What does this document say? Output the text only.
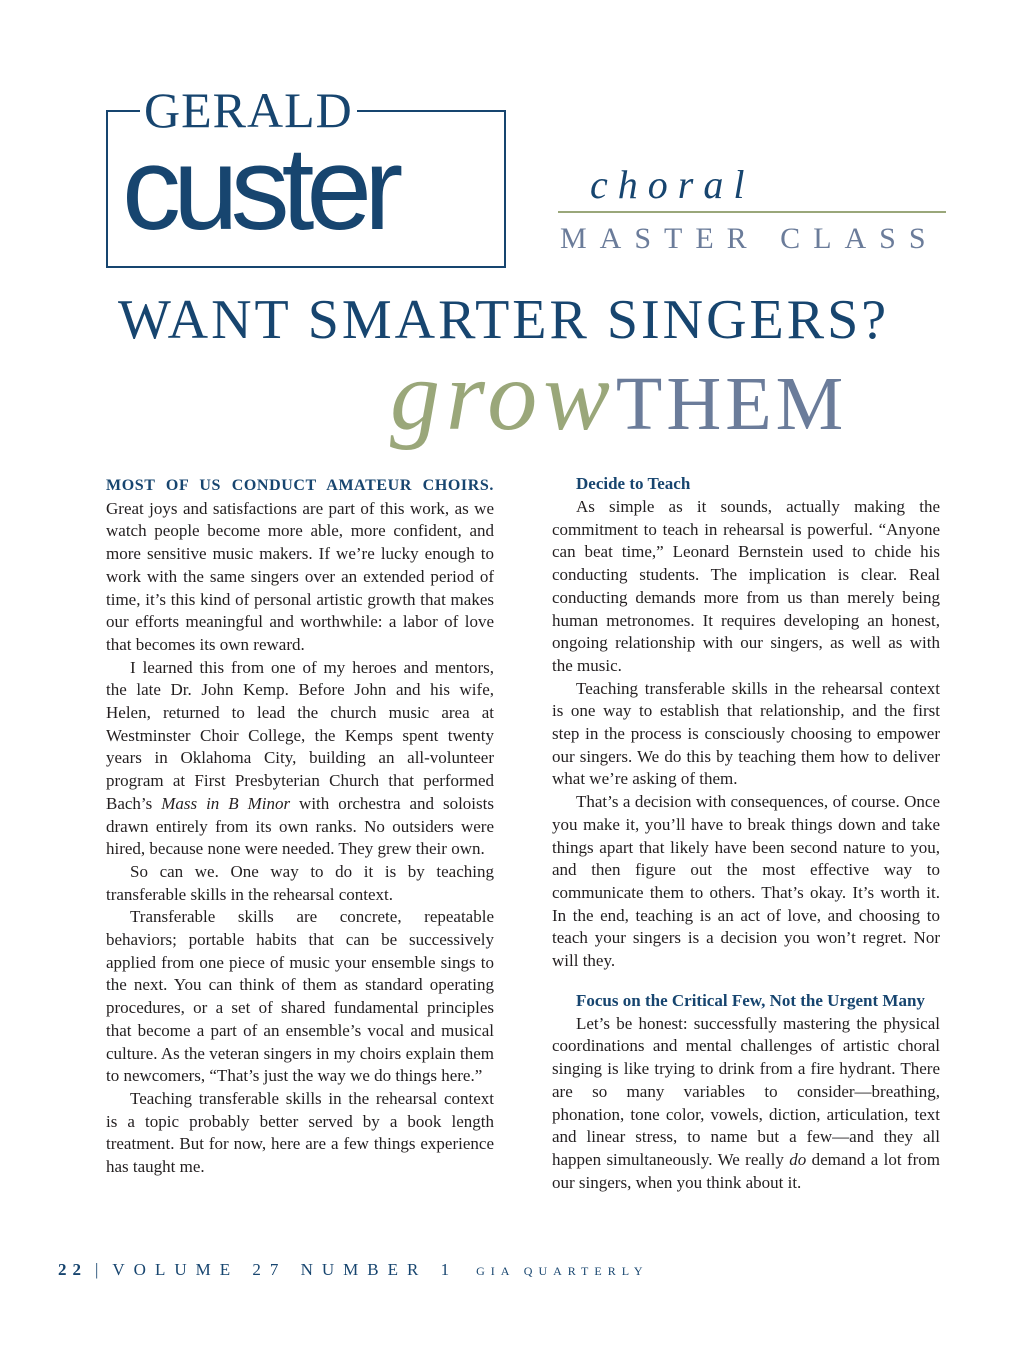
GERALD
custer	choral
MASTER CLASS
WANT SMARTER SINGERS?
growTHEM

MOST OF US CONDUCT AMATEUR CHOIRS. Great joys and satisfactions are part of this work, as we watch people become more able, more confident, and more sensitive music makers. If we’re lucky enough to work with the same singers over an extended period of time, it’s this kind of personal artistic growth that makes our efforts meaningful and worthwhile: a labor of love that becomes its own reward.

I learned this from one of my heroes and mentors, the late Dr. John Kemp. Before John and his wife, Helen, returned to lead the church music area at Westminster Choir College, the Kemps spent twenty years in Oklahoma City, building an all-volunteer program at First Presbyterian Church that performed Bach’s Mass in B Minor with orchestra and soloists drawn entirely from its own ranks. No outsiders were hired, because none were needed. They grew their own.

So can we. One way to do it is by teaching transferable skills in the rehearsal context.

Transferable skills are concrete, repeatable behaviors; portable habits that can be successively applied from one piece of music your ensemble sings to the next. You can think of them as standard operating procedures, or a set of shared fundamental principles that become a part of an ensemble’s vocal and musical culture. As the veteran singers in my choirs explain them to newcomers, “That’s just the way we do things here.”

Teaching transferable skills in the rehearsal context is a topic probably better served by a book length treatment. But for now, here are a few things experience has taught me.

Decide to Teach

As simple as it sounds, actually making the commitment to teach in rehearsal is powerful. “Anyone can beat time,” Leonard Bernstein used to chide his conducting students. The implication is clear. Real conducting demands more from us than merely being human metronomes. It requires developing an honest, ongoing relationship with our singers, as well as with the music.

Teaching transferable skills in the rehearsal context is one way to establish that relationship, and the first step in the process is consciously choosing to empower our singers. We do this by teaching them how to deliver what we’re asking of them.

That’s a decision with consequences, of course. Once you make it, you’ll have to break things down and take things apart that likely have been second nature to you, and then figure out the most effective way to communicate them to others. That’s okay. It’s worth it. In the end, teaching is an act of love, and choosing to teach your singers is a decision you won’t regret. Nor will they.

Focus on the Critical Few, Not the Urgent Many

Let’s be honest: successfully mastering the physical coordinations and mental challenges of artistic choral singing is like trying to drink from a fire hydrant. There are so many variables to consider—breathing, phonation, tone color, vowels, diction, articulation, text and linear stress, to name but a few—and they all happen simultaneously. We really do demand a lot from our singers, when you think about it.

22 | VOLUME 27 NUMBER 1 GIA QUARTERLY
